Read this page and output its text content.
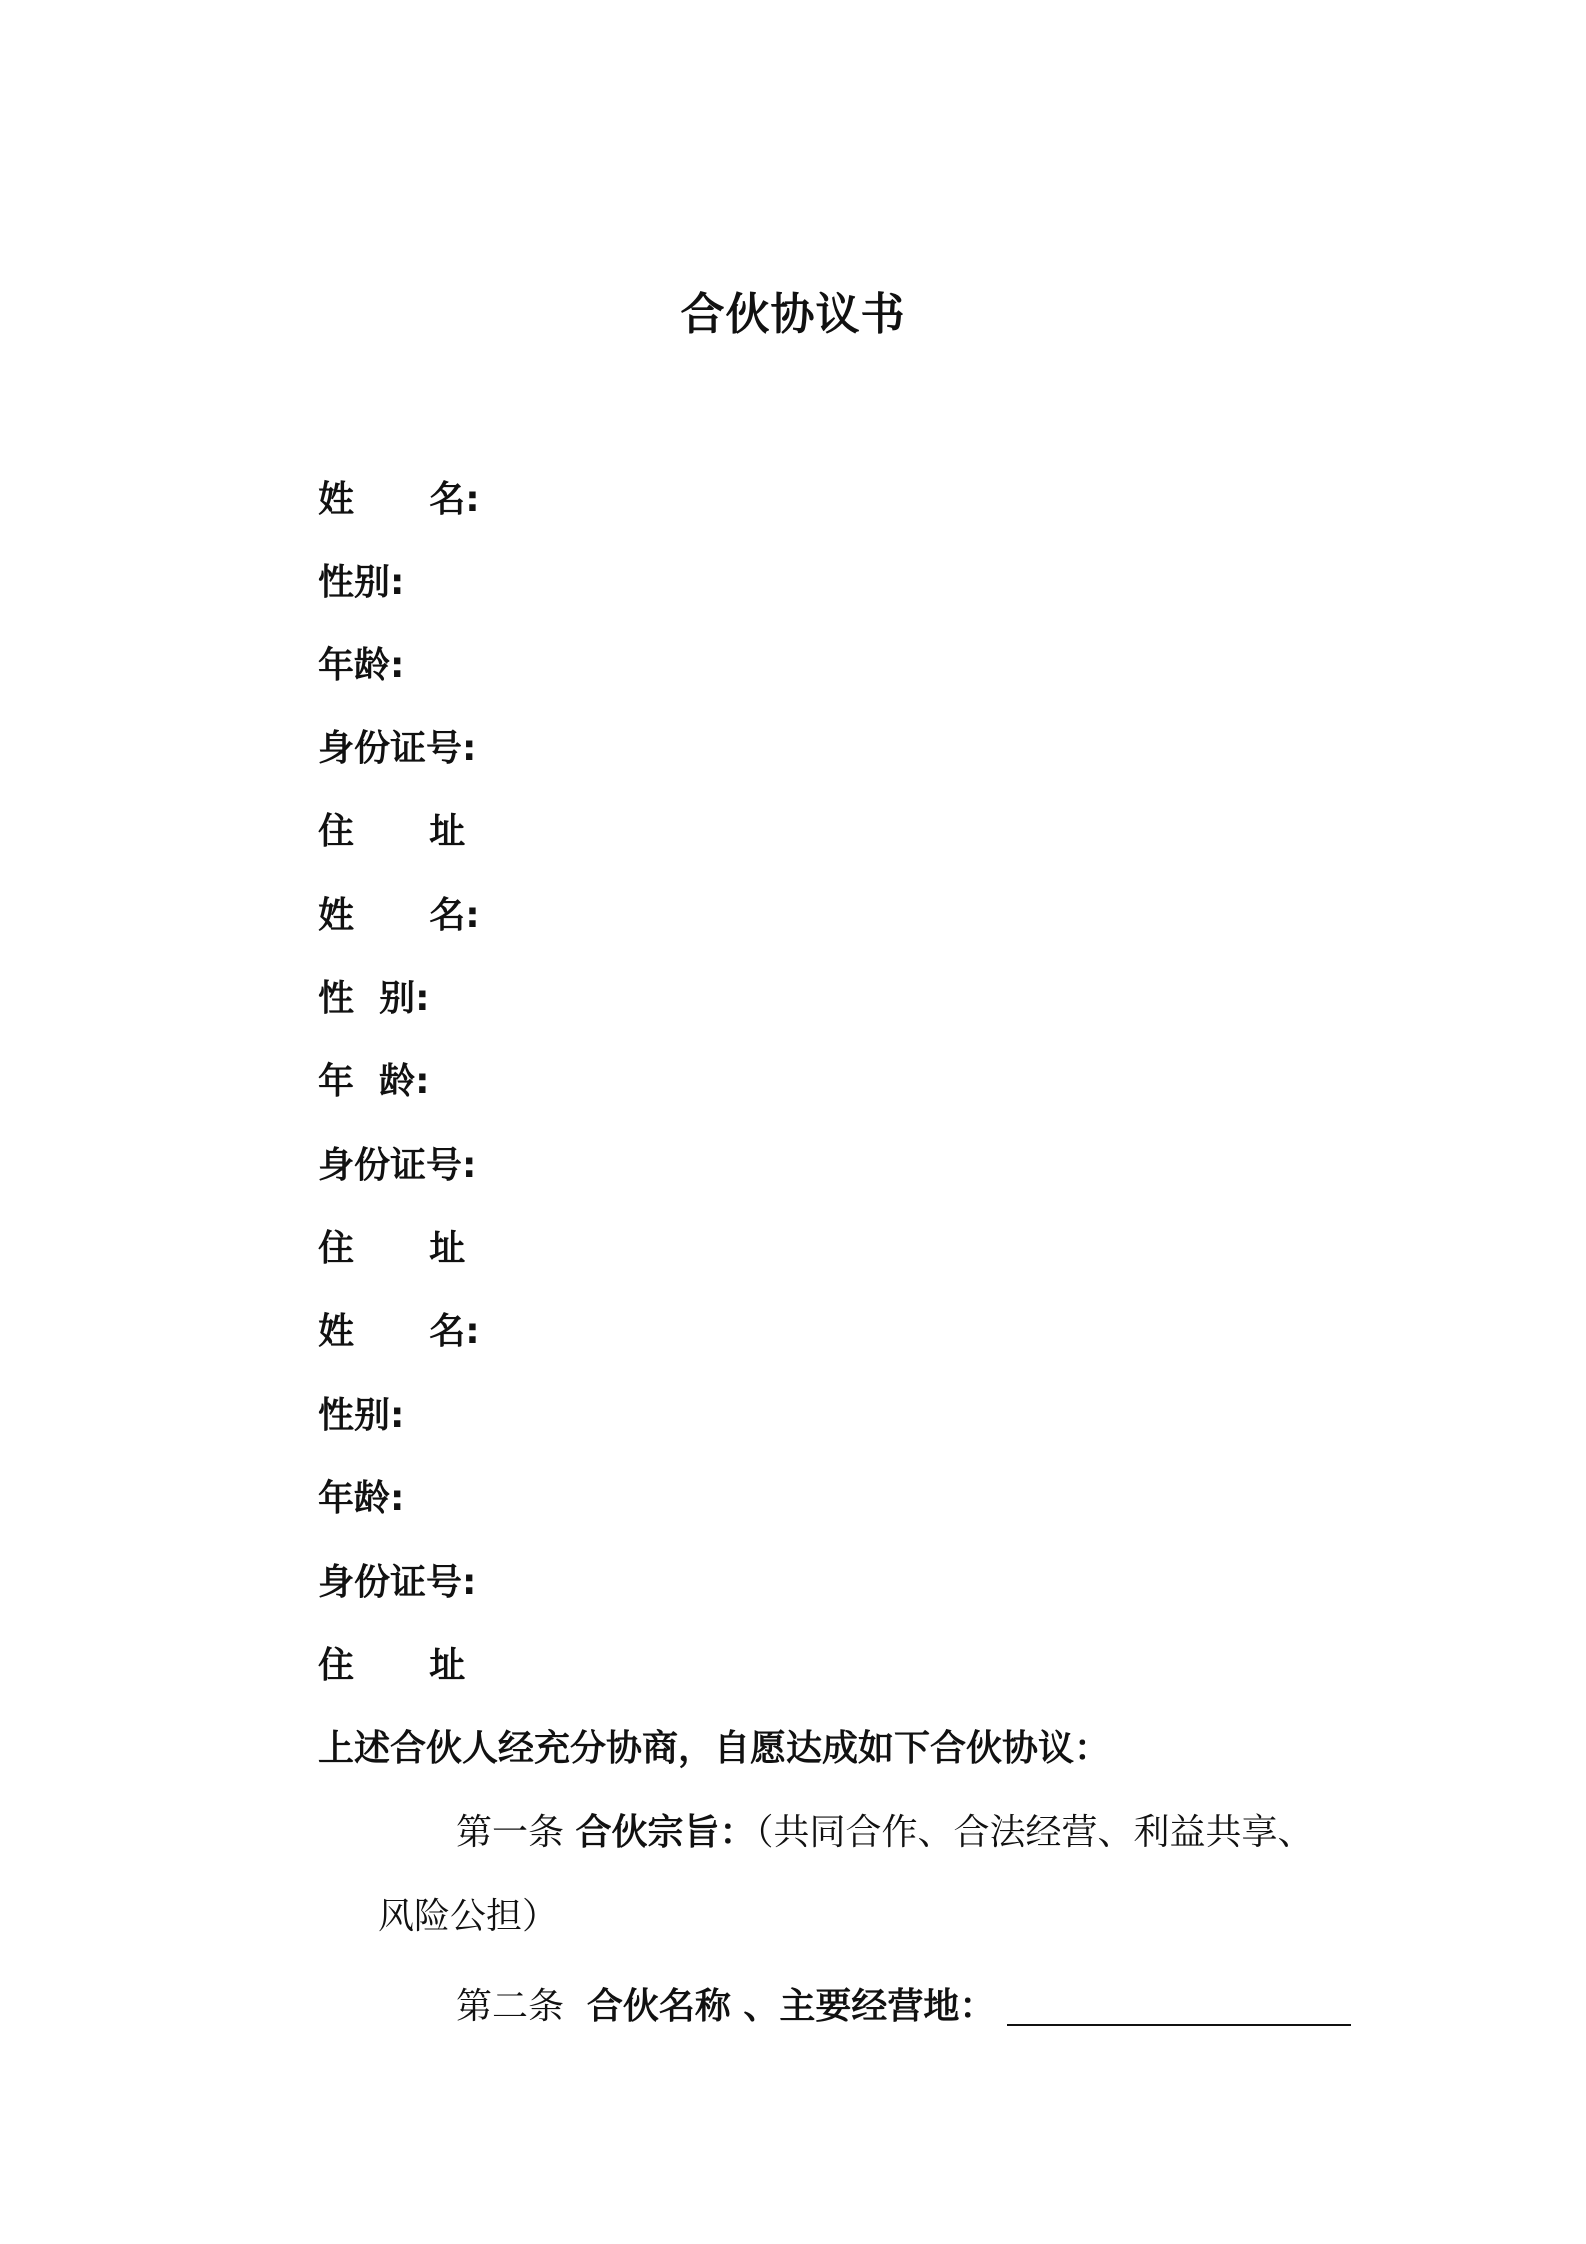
合伙协议书
姓      名:
性别:
年龄:
身份证号:
住      址
姓      名:
性  别:
年  龄:
身份证号:
住      址
姓      名:
性别:
年龄:
身份证号:
住      址
上述合伙人经充分协商，自愿达成如下合伙协议：
第一条 合伙宗旨：（共同合作、合法经营、利益共享、
风险公担）
第二条  合伙名称 、主要经营地：
